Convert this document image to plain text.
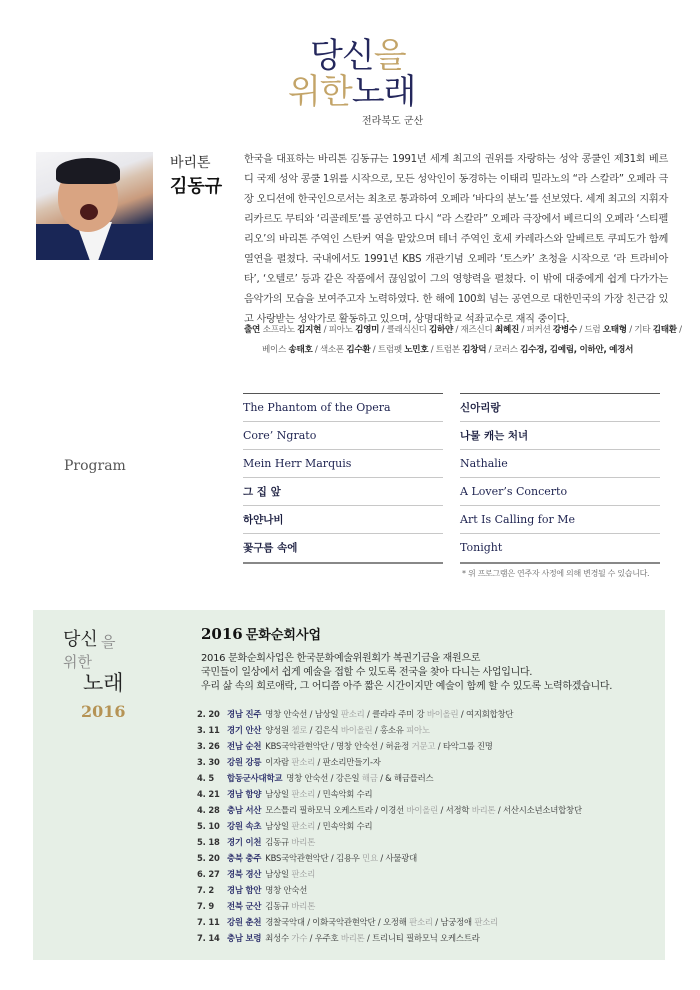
당신을
위한노래
전라북도 군산
바리톤
김동규

한국을 대표하는 바리톤 김동규는 1991년 세계 최고의 권위를 자랑하는 성악 콩쿨인 제31회 베르디 국제 성악 콩쿨 1위를 시작으로, 모든 성악인이 동경하는 이태리 밀라노의 “라 스칼라” 오페라 극장 오디션에 한국인으로서는 최초로 통과하여 오페라 ‘바다의 분노’를 선보였다. 세계 최고의 지휘자 리카르도 무티와 ‘리골레토’를 공연하고 다시 “라 스칼라” 오페라 극장에서 베르디의 오페라 ‘스티펠리오’의 바리톤 주역인 스탄커 역을 맡았으며 테너 주역인 호세 카레라스와 알베르토 쿠피도가 함께 열연을 펼쳤다. 국내에서도 1991년 KBS 개관기념 오페라 ‘토스카’ 초청을 시작으로 ‘라 트라비아타’, ‘오텔로’ 등과 같은 작품에서 끊임없이 그의 영향력을 펼쳤다. 이 밖에 대중에게 쉽게 다가가는 음악가의 모습을 보여주고자 노력하였다. 한 해에 100회 넘는 공연으로 대한민국의 가장 친근감 있고 사랑받는 성악가로 활동하고 있으며, 상명대학교 석좌교수로 재직 중이다.

출연 소프라노 김지현 / 피아노 김영미 / 클래식신디 김하얀 / 재즈신디 최혜진 / 퍼커션 강병수 / 드럼 오태형 / 기타 김태환 /
베이스 송태호 / 색소폰 김수환 / 트럼펫 노민호 / 트럼본 김창덕 / 코러스 김수경, 김예림, 이하안, 예경서
Program
The Phantom of the Opera
Core’ Ngrato
Mein Herr Marquis
그 집 앞
하얀나비
꽃구름 속에
신아리랑
나물 캐는 처녀
Nathalie
A Lover’s Concerto
Art Is Calling for Me
Tonight
* 위 프로그램은 연주자 사정에 의해 변경될 수 있습니다.
당신 을
위한
노래
2016
2016 문화순회사업
2016 문화순회사업은 한국문화예술위원회가 복권기금을 재원으로
국민들이 일상에서 쉽게 예술을 접할 수 있도록 전국을 찾아 다니는 사업입니다.
우리 삶 속의 희로애락, 그 어디쯤 아주 짧은 시간이지만 예술이 함께 할 수 있도록 노력하겠습니다.
2. 20 경남 진주 명창 안숙선 / 남상일 판소리 / 클라라 주미 강 바이올린 / 여지회합창단
3. 11 경기 안산 양성원 첼로 / 김은식 바이올린 / 홍소유 피아노
3. 26 전남 순천 KBS국악관현악단 / 명창 안숙선 / 허윤정 거문고 / 타악그룹 진명
3. 30 강원 강릉 이자람 판소리 / 판소리만들기-자
4. 5 합동군사대학교 명창 안숙선 / 강은일 해금 / & 해금플러스
4. 21 경남 함양 남상일 판소리 / 민속악회 수리
4. 28 충남 서산 모스틀리 필하모닉 오케스트라 / 이경선 바이올린 / 서정학 바리톤 / 서산시소년소녀합창단
5. 10 강원 속초 남상일 판소리 / 민속악회 수리
5. 18 경기 이천 김동규 바리톤
5. 20 충북 충주 KBS국악관현악단 / 김용우 민요 / 사물광대
6. 27 경북 경산 남상일 판소리
7. 2 경남 함안 명창 안숙선
7. 9 전북 군산 김동규 바리톤
7. 11 강원 춘천 경찰국악대 / 이화국악관현악단 / 오정해 판소리 / 남궁정애 판소리
7. 14 충남 보령 최성수 가수 / 우주호 바리톤 / 트리니티 필하모닉 오케스트라
